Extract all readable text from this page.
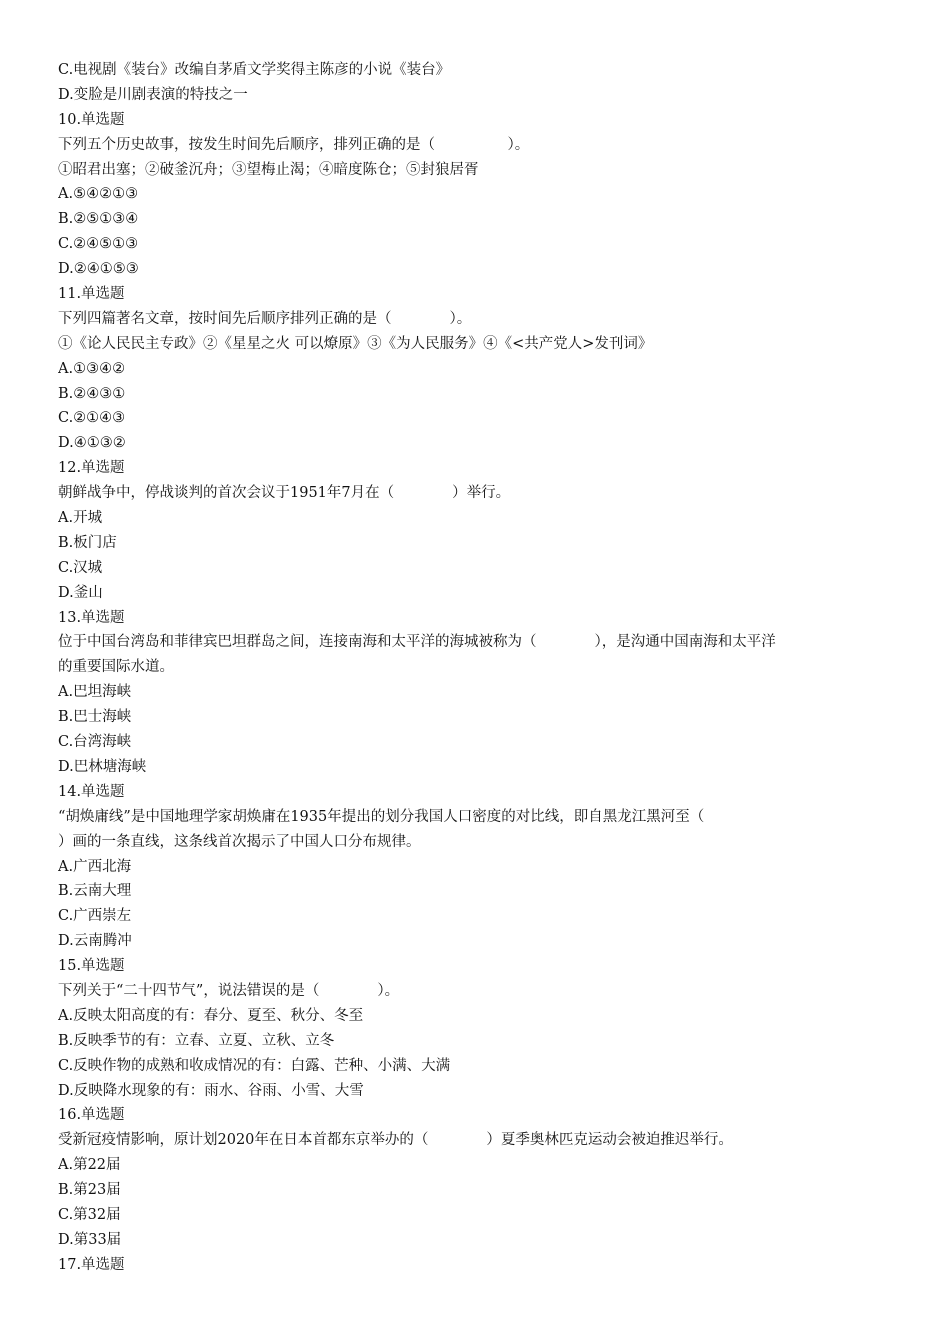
C.电视剧《装台》改编自茅盾文学奖得主陈彦的小说《装台》
D.变脸是川剧表演的特技之一
10.单选题
下列五个历史故事，按发生时间先后顺序，排列正确的是（　　　　　）。
①昭君出塞；②破釜沉舟；③望梅止渴；④暗度陈仓；⑤封狼居胥
A.⑤④②①③
B.②⑤①③④
C.②④⑤①③
D.②④①⑤③
11.单选题
下列四篇著名文章，按时间先后顺序排列正确的是（　　　　）。
①《论人民民主专政》②《星星之火 可以燎原》③《为人民服务》④《<共产党人>发刊词》
A.①③④②
B.②④③①
C.②①④③
D.④①③②
12.单选题
朝鲜战争中，停战谈判的首次会议于1951年7月在（　　　　）举行。
A.开城
B.板门店
C.汉城
D.釜山
13.单选题
位于中国台湾岛和菲律宾巴坦群岛之间，连接南海和太平洋的海城被称为（　　　　），是沟通中国南海和太平洋
的重要国际水道。
A.巴坦海峡
B.巴士海峡
C.台湾海峡
D.巴林塘海峡
14.单选题
“胡焕庸线”是中国地理学家胡焕庸在1935年提出的划分我国人口密度的对比线，即自黑龙江黑河至（
）画的一条直线，这条线首次揭示了中国人口分布规律。
A.广西北海
B.云南大理
C.广西崇左
D.云南腾冲
15.单选题
下列关于“二十四节气”，说法错误的是（　　　　）。
A.反映太阳高度的有：春分、夏至、秋分、冬至
B.反映季节的有：立春、立夏、立秋、立冬
C.反映作物的成熟和收成情况的有：白露、芒种、小满、大满
D.反映降水现象的有：雨水、谷雨、小雪、大雪
16.单选题
受新冠疫情影响，原计划2020年在日本首都东京举办的（　　　　）夏季奥林匹克运动会被迫推迟举行。
A.第22届
B.第23届
C.第32届
D.第33届
17.单选题
